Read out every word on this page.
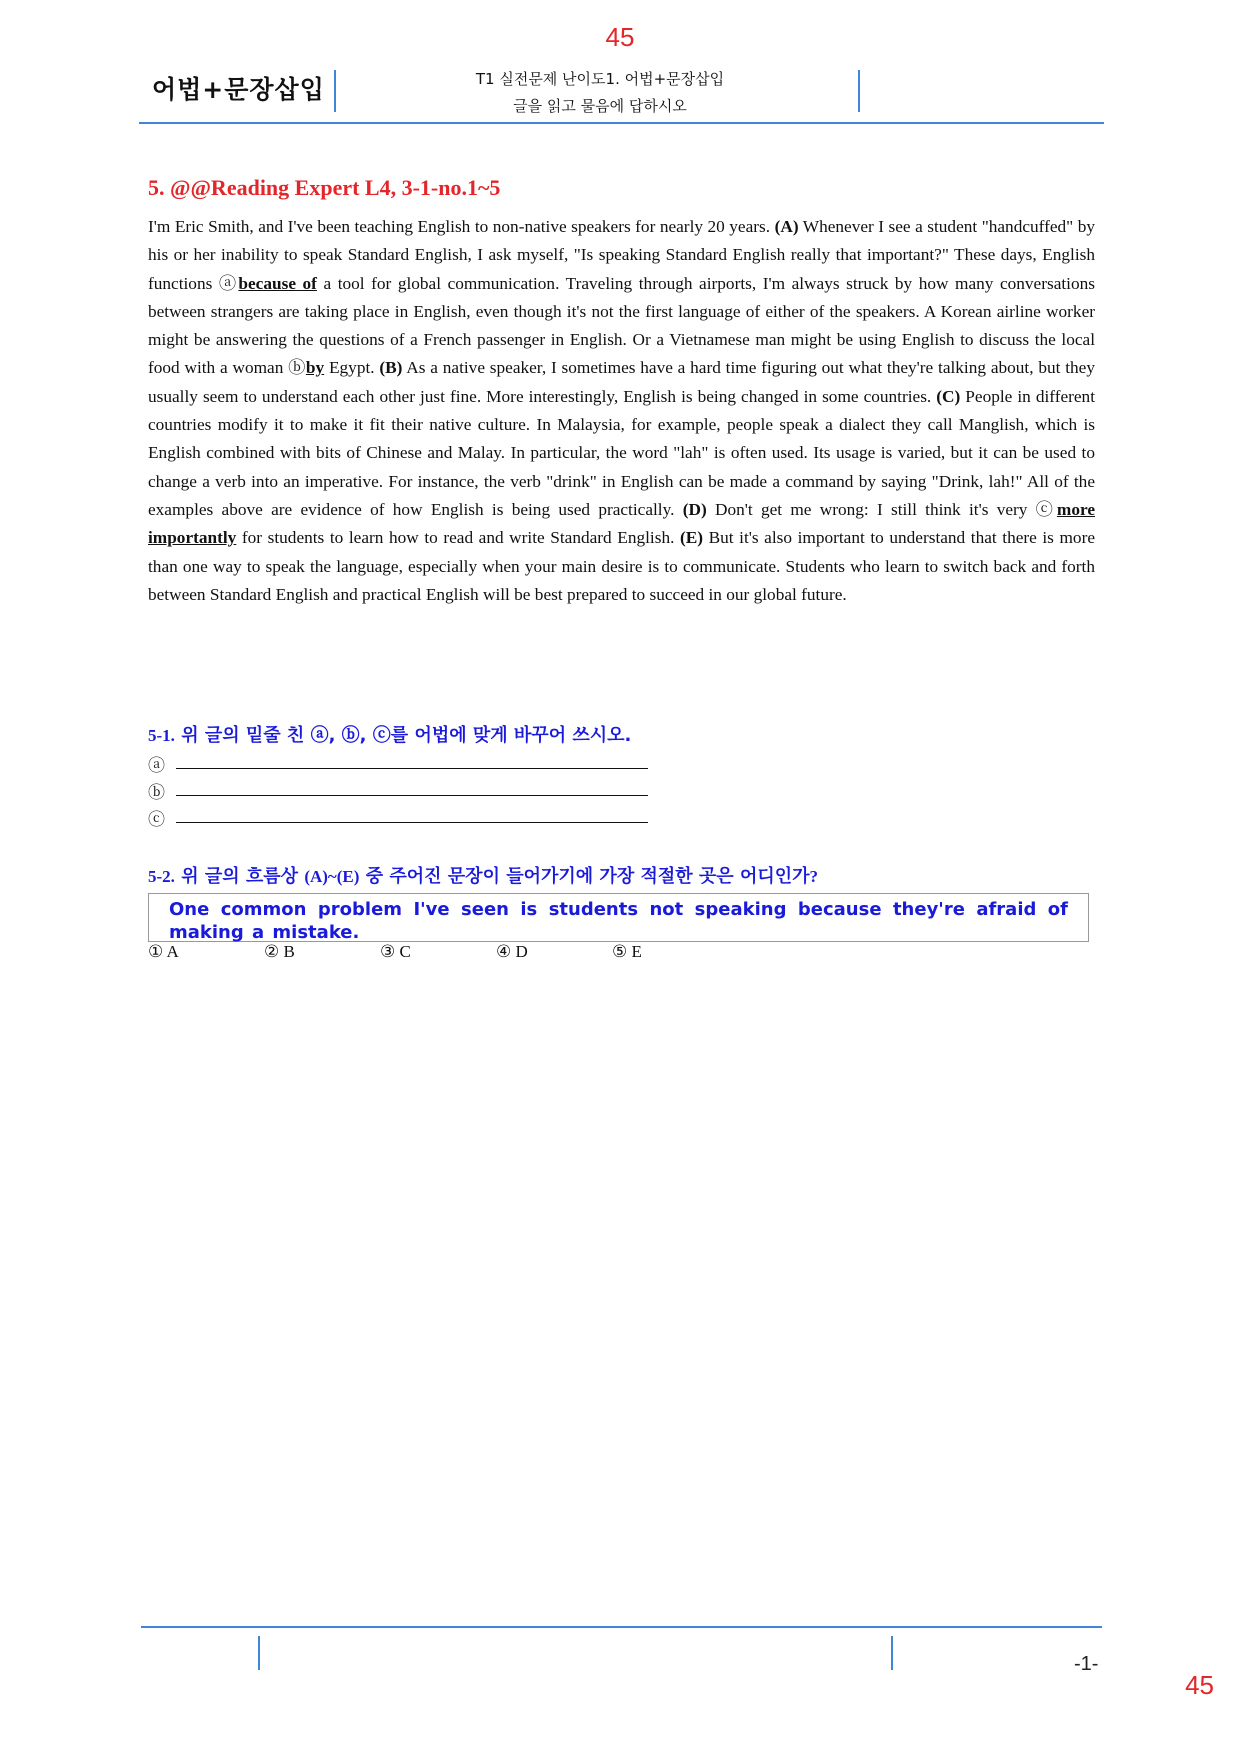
45
어법+문장삽입	T1 실전문제 난이도1. 어법+문장삽입
글을 읽고 물음에 답하시오
5. @@Reading Expert L4, 3-1-no.1~5

I'm Eric Smith, and I've been teaching English to non-native speakers for nearly 20 years. (A) Whenever I see a student "handcuffed" by his or her inability to speak Standard English, I ask myself, "Is speaking Standard English really that important?" These days, English functions ⓐbecause of a tool for global communication. Traveling through airports, I'm always struck by how many conversations between strangers are taking place in English, even though it's not the first language of either of the speakers. A Korean airline worker might be answering the questions of a French passenger in English. Or a Vietnamese man might be using English to discuss the local food with a woman ⓑby Egypt. (B) As a native speaker, I sometimes have a hard time figuring out what they're talking about, but they usually seem to understand each other just fine. More interestingly, English is being changed in some countries. (C) People in different countries modify it to make it fit their native culture. In Malaysia, for example, people speak a dialect they call Manglish, which is English combined with bits of Chinese and Malay. In particular, the word "lah" is often used. Its usage is varied, but it can be used to change a verb into an imperative. For instance, the verb "drink" in English can be made a command by saying "Drink, lah!" All of the examples above are evidence of how English is being used practically. (D) Don't get me wrong: I still think it's very ⓒmore importantly for students to learn how to read and write Standard English. (E) But it's also important to understand that there is more than one way to speak the language, especially when your main desire is to communicate. Students who learn to switch back and forth between Standard English and practical English will be best prepared to succeed in our global future.

5-1. 위 글의 밑줄 친 ⓐ, ⓑ, ⓒ를 어법에 맞게 바꾸어 쓰시오.
ⓐ
ⓑ
ⓒ
5-2. 위 글의 흐름상 (A)~(E) 중 주어진 문장이 들어가기에 가장 적절한 곳은 어디인가?
One common problem I've seen is students not speaking because they're afraid of making a mistake.
① A	② B	③ C	④ D	⑤ E
-1-
45
